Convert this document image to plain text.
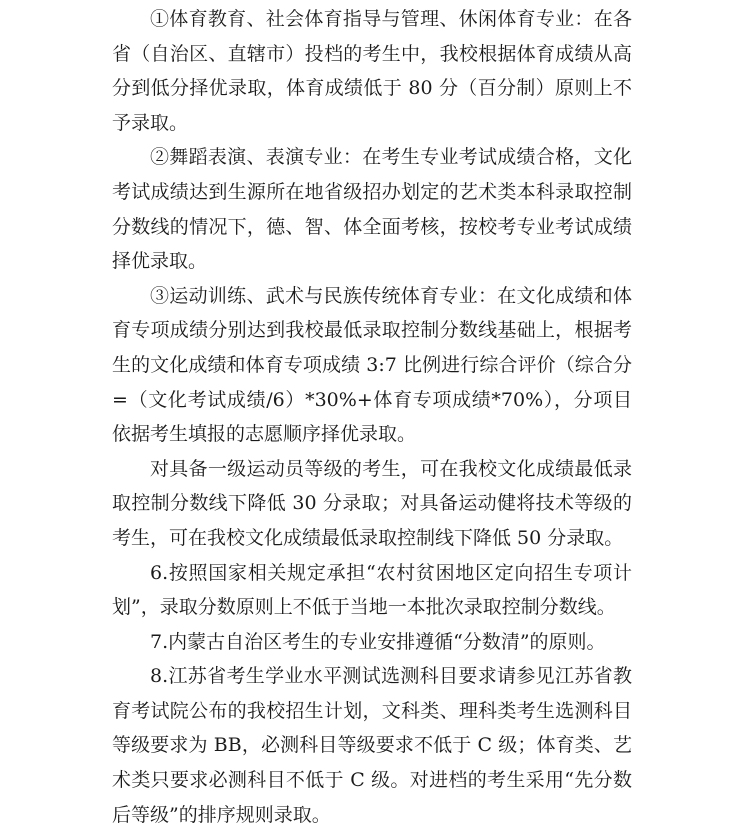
①体育教育、社会体育指导与管理、休闲体育专业：在各省（自治区、直辖市）投档的考生中，我校根据体育成绩从高分到低分择优录取，体育成绩低于 80 分（百分制）原则上不予录取。

②舞蹈表演、表演专业：在考生专业考试成绩合格，文化考试成绩达到生源所在地省级招办划定的艺术类本科录取控制分数线的情况下，德、智、体全面考核，按校考专业考试成绩择优录取。

③运动训练、武术与民族传统体育专业：在文化成绩和体育专项成绩分别达到我校最低录取控制分数线基础上，根据考生的文化成绩和体育专项成绩 3:7 比例进行综合评价（综合分=（文化考试成绩/6）*30%+体育专项成绩*70%），分项目依据考生填报的志愿顺序择优录取。

对具备一级运动员等级的考生，可在我校文化成绩最低录取控制分数线下降低 30 分录取；对具备运动健将技术等级的考生，可在我校文化成绩最低录取控制线下降低 50 分录取。

6.按照国家相关规定承担“农村贫困地区定向招生专项计划”，录取分数原则上不低于当地一本批次录取控制分数线。

7.内蒙古自治区考生的专业安排遵循“分数清”的原则。

8.江苏省考生学业水平测试选测科目要求请参见江苏省教育考试院公布的我校招生计划，文科类、理科类考生选测科目等级要求为 BB，必测科目等级要求不低于 C 级；体育类、艺术类只要求必测科目不低于 C 级。对进档的考生采用“先分数后等级”的排序规则录取。
